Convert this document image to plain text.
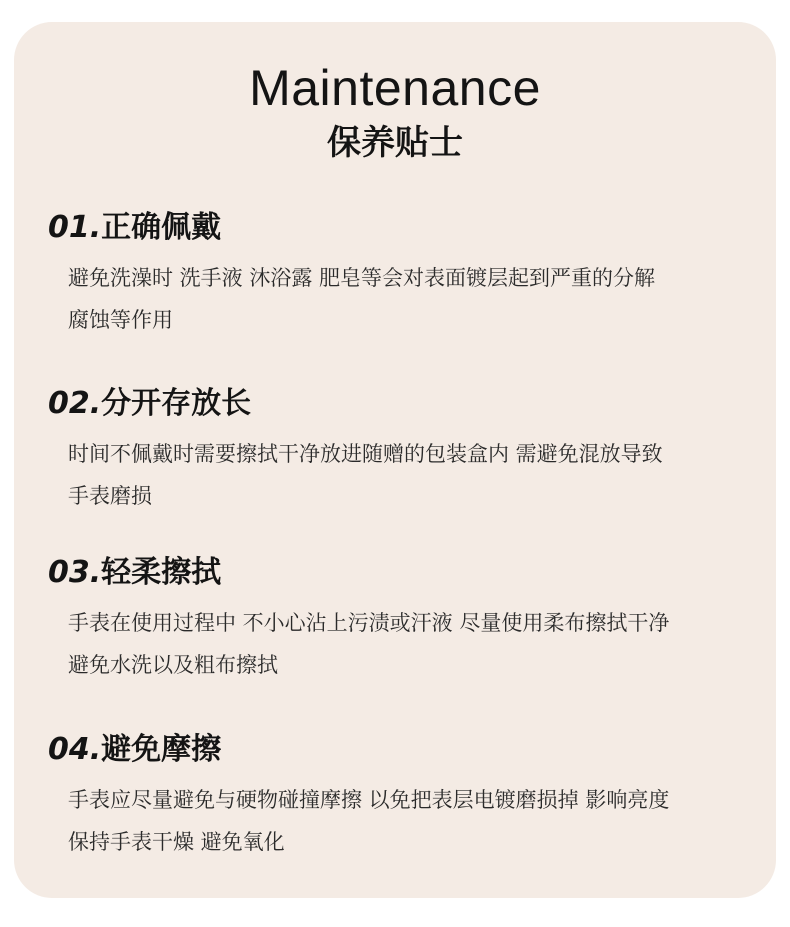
Maintenance
保养贴士
01.正确佩戴
避免洗澡时 洗手液 沐浴露 肥皂等会对表面镀层起到严重的分解
腐蚀等作用
02.分开存放长
时间不佩戴时需要擦拭干净放进随赠的包装盒内 需避免混放导致
手表磨损
03.轻柔擦拭
手表在使用过程中 不小心沾上污渍或汗液 尽量使用柔布擦拭干净
避免水洗以及粗布擦拭
04.避免摩擦
手表应尽量避免与硬物碰撞摩擦 以免把表层电镀磨损掉 影响亮度
保持手表干燥 避免氧化
